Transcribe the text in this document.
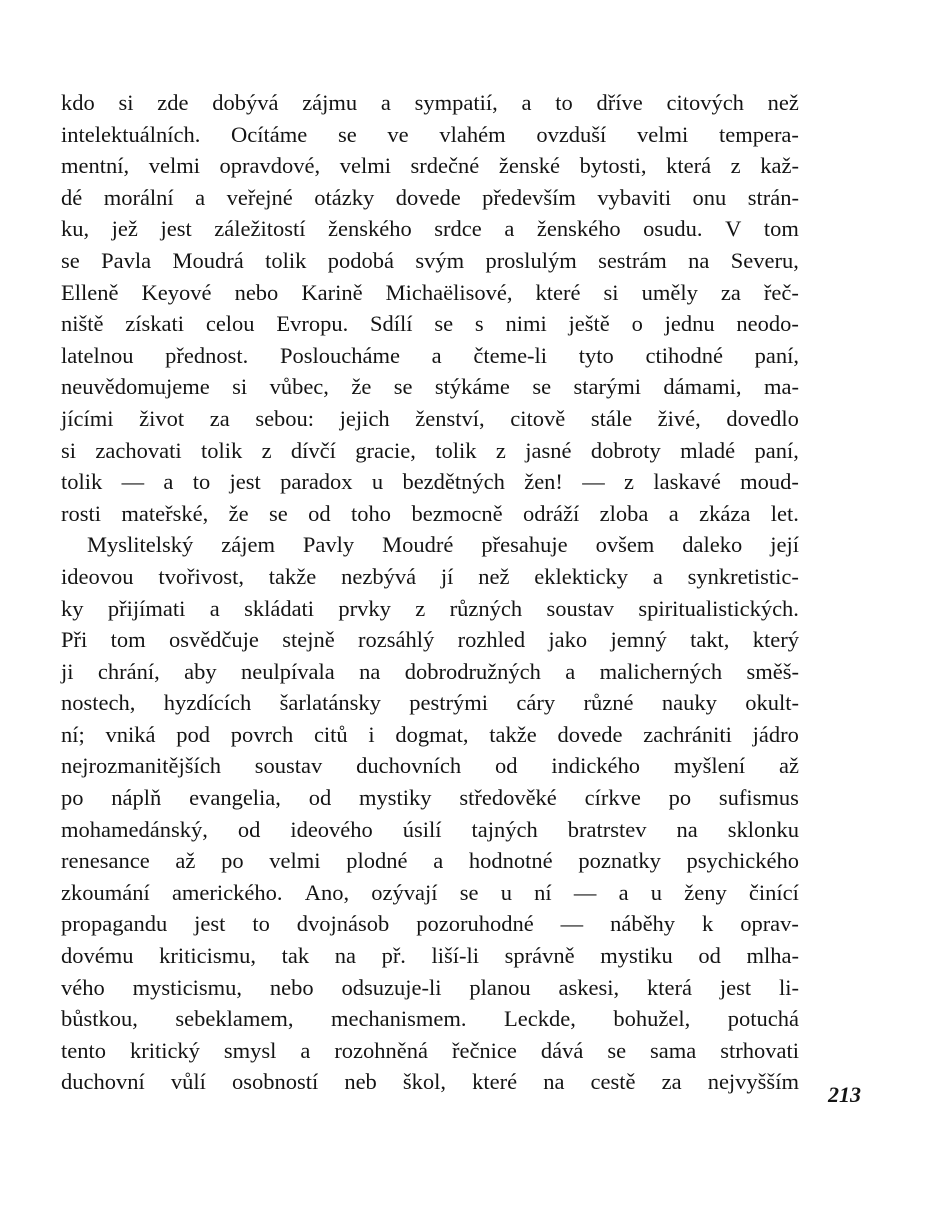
kdo si zde dobývá zájmu a sympatií, a to dříve citových než
intelektuálních. Ocítáme se ve vlahém ovzduší velmi tempera-
mentní, velmi opravdové, velmi srdečné ženské bytosti, která z kaž-
dé morální a veřejné otázky dovede především vybaviti onu strán-
ku, jež jest záležitostí ženského srdce a ženského osudu. V tom
se Pavla Moudrá tolik podobá svým proslulým sestrám na Severu,
Elleně Keyové nebo Karině Michaëlisové, které si uměly za řeč-
niště získati celou Evropu. Sdílí se s nimi ještě o jednu neodo-
latelnou přednost. Posloucháme a čteme-li tyto ctihodné paní,
neuvědomujeme si vůbec, že se stýkáme se starými dámami, ma-
jícími život za sebou: jejich ženství, citově stále živé, dovedlo
si zachovati tolik z dívčí gracie, tolik z jasné dobroty mladé paní,
tolik — a to jest paradox u bezdětných žen! — z laskavé moud-
rosti mateřské, že se od toho bezmocně odráží zloba a zkáza let.
Myslitelský zájem Pavly Moudré přesahuje ovšem daleko její
ideovou tvořivost, takže nezbývá jí než eklekticky a synkretistic-
ky přijímati a skládati prvky z různých soustav spiritualistických.
Při tom osvědčuje stejně rozsáhlý rozhled jako jemný takt, který
ji chrání, aby neulpívala na dobrodružných a malicherných směš-
nostech, hyzdících šarlatánsky pestrými cáry různé nauky okult-
ní; vniká pod povrch citů i dogmat, takže dovede zachrániti jádro
nejrozmanitějších soustav duchovních od indického myšlení až
po náplň evangelia, od mystiky středověké církve po sufismus
mohamedánský, od ideového úsilí tajných bratrstev na sklonku
renesance až po velmi plodné a hodnotné poznatky psychického
zkoumání amerického. Ano, ozývají se u ní — a u ženy činící
propagandu jest to dvojnásob pozoruhodné — náběhy k oprav-
dovému kriticismu, tak na př. liší-li správně mystiku od mlha-
vého mysticismu, nebo odsuzuje-li planou askesi, která jest li-
bůstkou, sebeklamem, mechanismem. Leckde, bohužel, potuchá
tento kritický smysl a rozohněná řečnice dává se sama strhovati
duchovní vůlí osobností neb škol, které na cestě za nejvyšším
213
